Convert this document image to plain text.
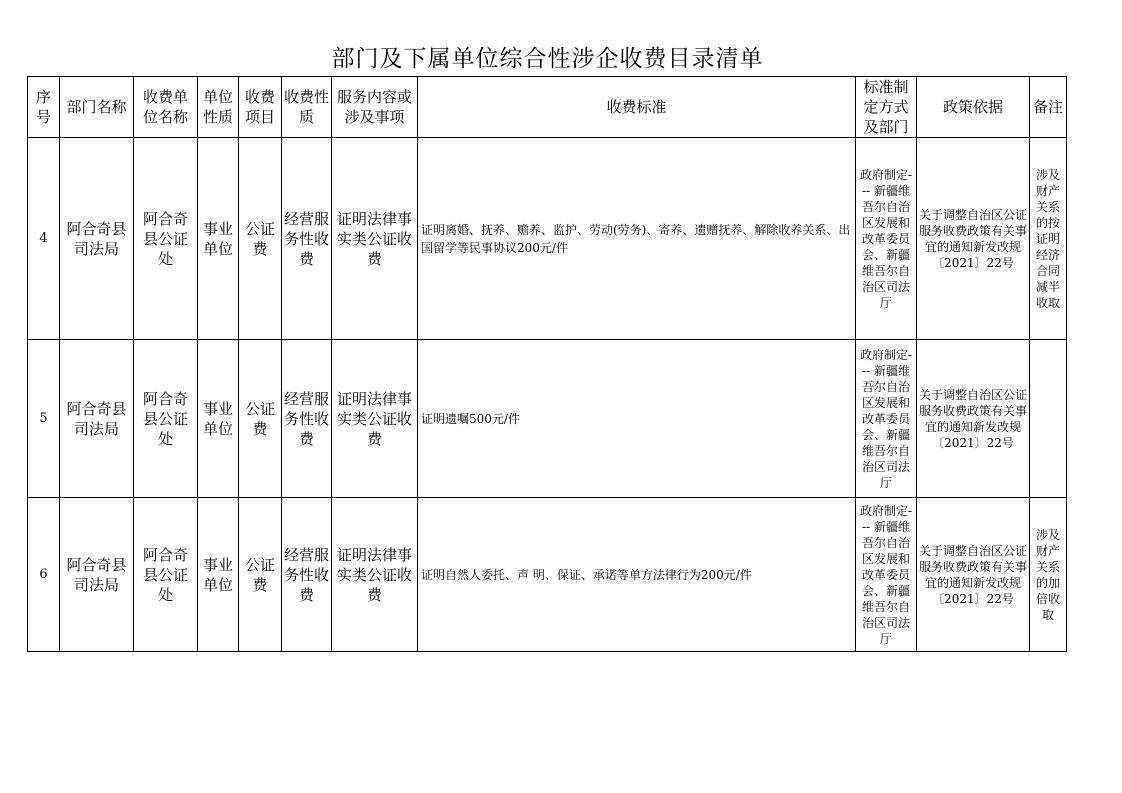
部门及下属单位综合性涉企收费目录清单
序号	部门名称	收费单位名称	单位性质	收费项目	收费性质	服务内容或涉及事项	收费标准	标准制定方式及部门	政策依据	备注
4	阿合奇县司法局	阿合奇县公证处	事业单位	公证费	经营服务性收费	证明法律事实类公证收费	证明离婚、抚养、赡养、监护、劳动(劳务)、寄养、遗赠抚养、解除收养关系、出国留学等民事协议200元/件	政府制定--- 新疆维吾尔自治区发展和改革委员会、新疆维吾尔自治区司法厅	关于调整自治区公证服务收费政策有关事宜的通知新发改规〔2021〕22号	涉及财产关系的按证明经济合同减半收取
5	阿合奇县司法局	阿合奇县公证处	事业单位	公证费	经营服务性收费	证明法律事实类公证收费	证明遗嘱500元/件	政府制定--- 新疆维吾尔自治区发展和改革委员会、新疆维吾尔自治区司法厅	关于调整自治区公证服务收费政策有关事宜的通知新发改规〔2021〕22号	
6	阿合奇县司法局	阿合奇县公证处	事业单位	公证费	经营服务性收费	证明法律事实类公证收费	证明自然人委托、声 明、保证、承诺等单方法律行为200元/件	政府制定--- 新疆维吾尔自治区发展和改革委员会、新疆维吾尔自治区司法厅	关于调整自治区公证服务收费政策有关事宜的通知新发改规〔2021〕22号	涉及财产关系的加倍收取
